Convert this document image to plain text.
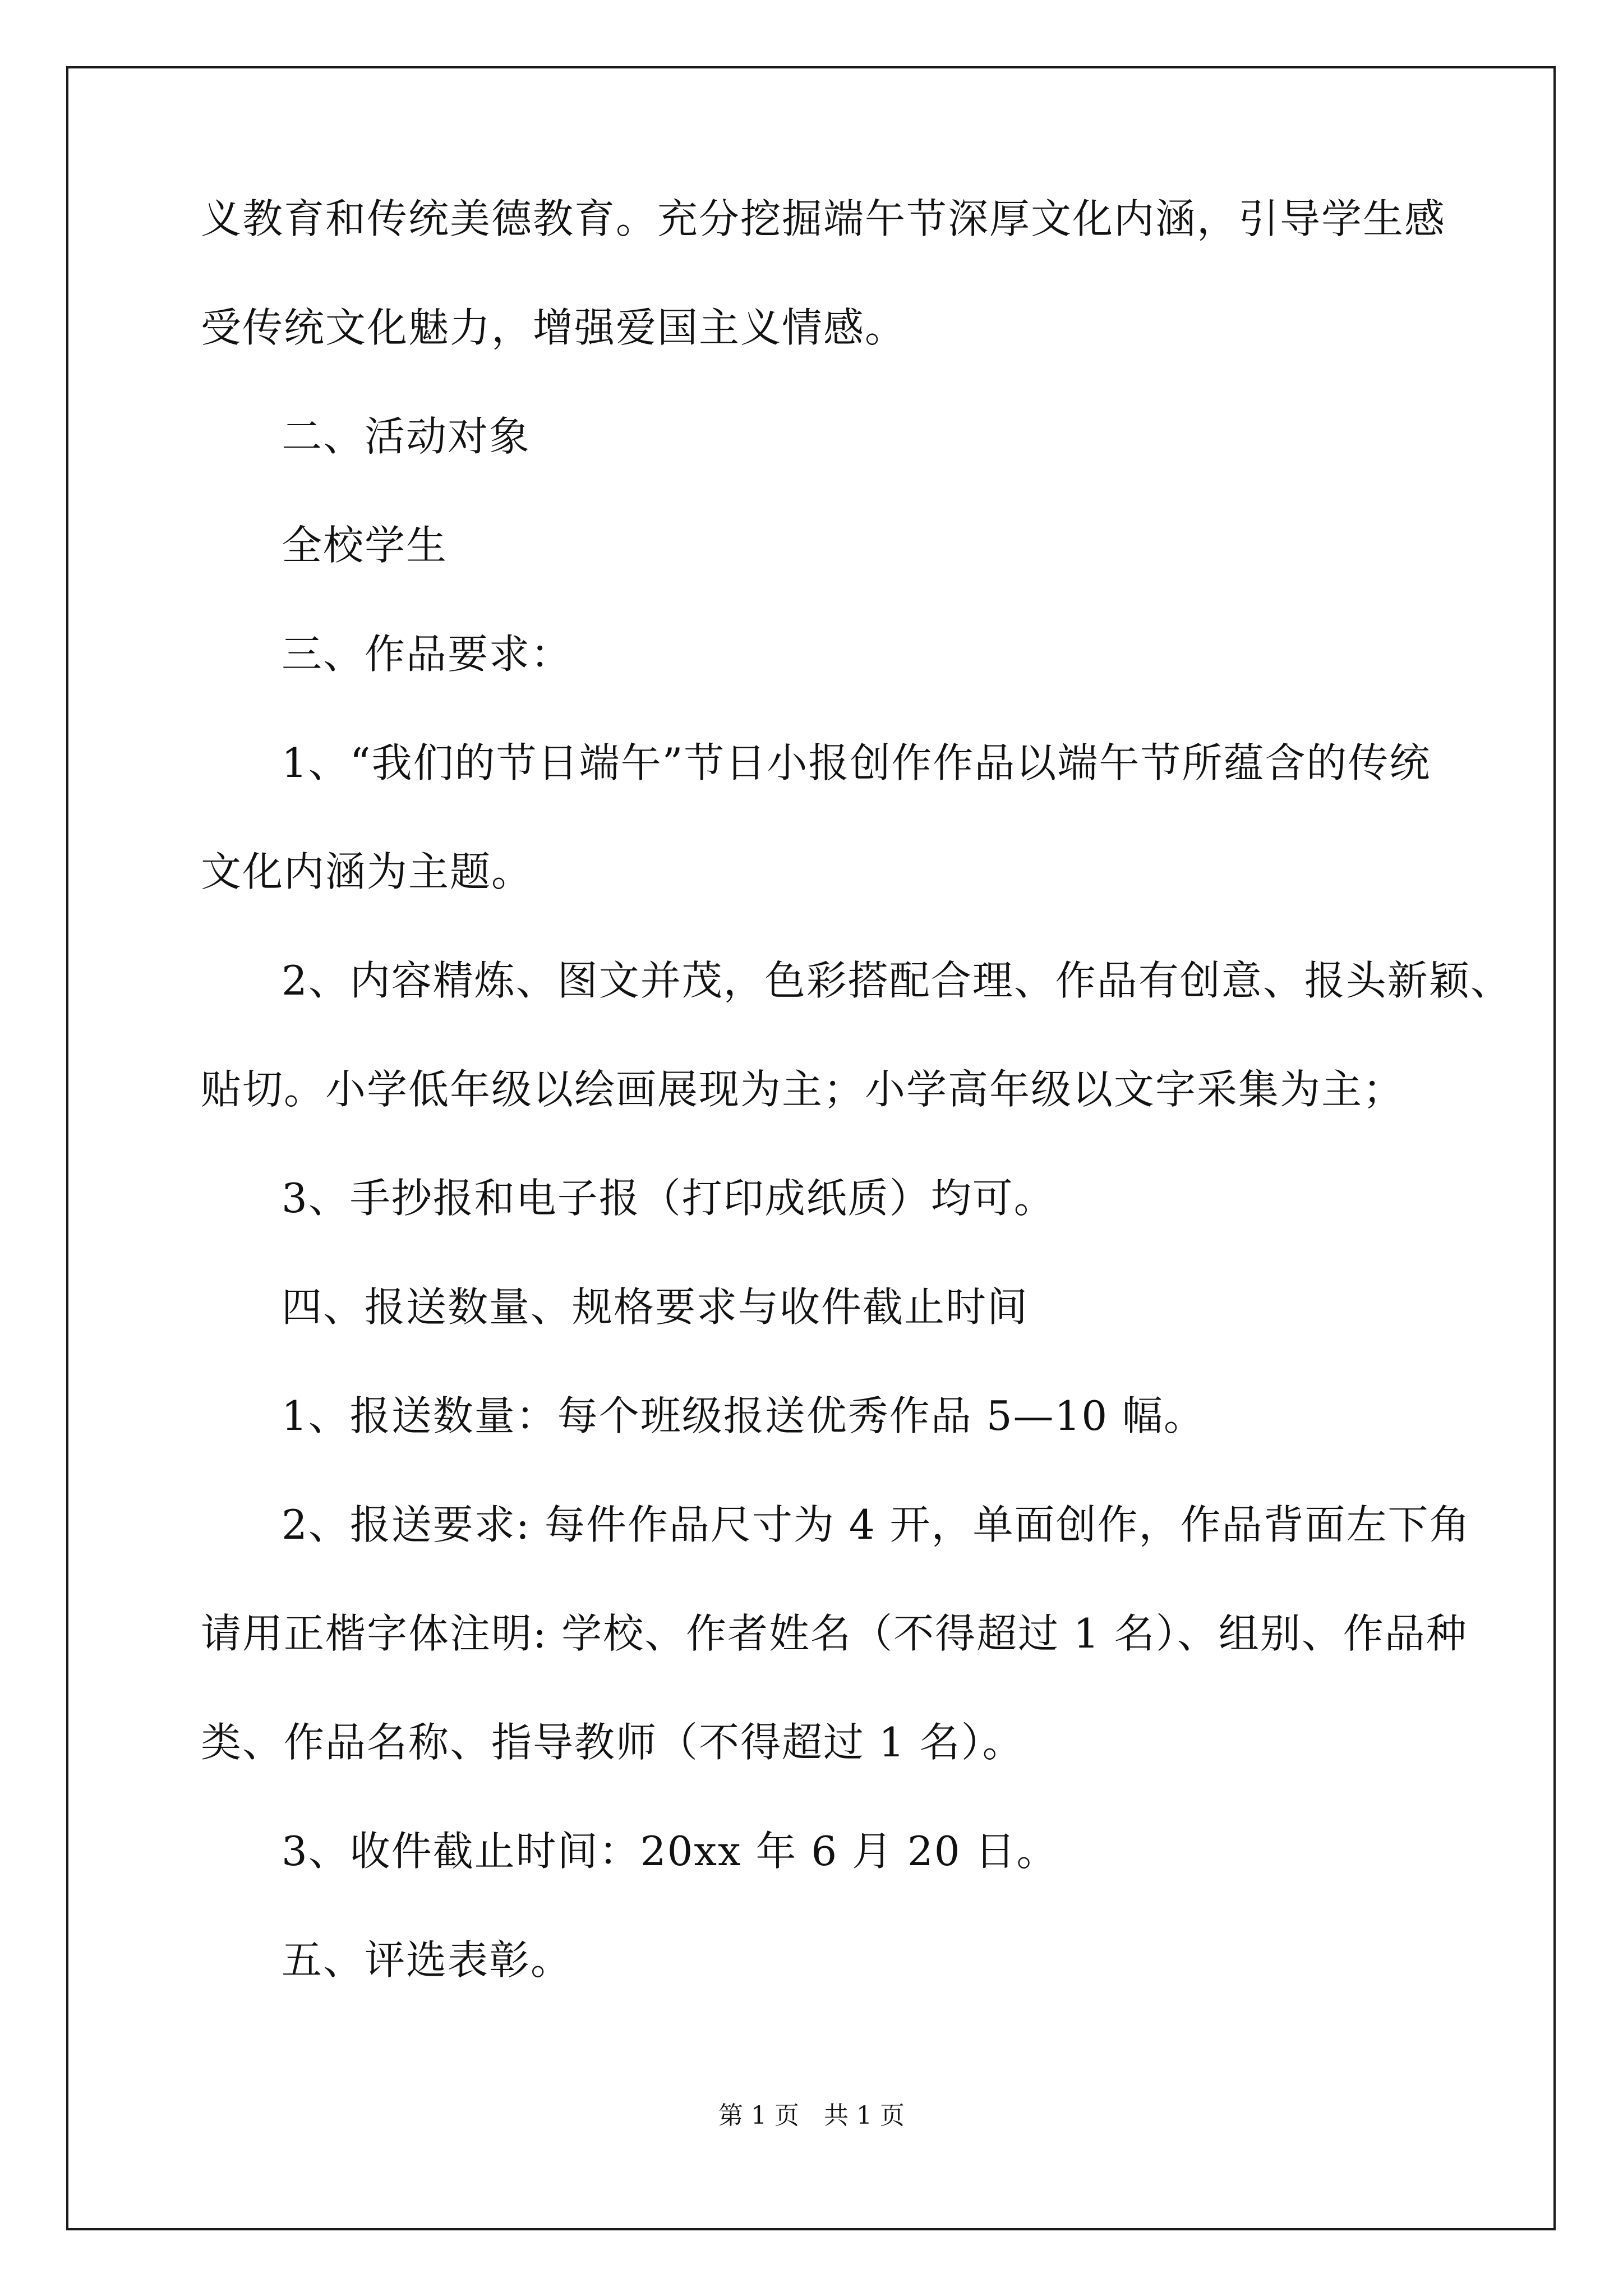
义教育和传统美德教育。充分挖掘端午节深厚文化内涵，引导学生感
受传统文化魅力，增强爱国主义情感。
二、活动对象
全校学生
三、作品要求：
1、“我们的节日端午”节日小报创作作品以端午节所蕴含的传统
文化内涵为主题。
2、内容精炼、图文并茂，色彩搭配合理、作品有创意、报头新颖、
贴切。小学低年级以绘画展现为主；小学高年级以文字采集为主；
3、手抄报和电子报（打印成纸质）均可。
四、报送数量、规格要求与收件截止时间
1、报送数量：每个班级报送优秀作品 5—10 幅。
2、报送要求: 每件作品尺寸为 4 开，单面创作，作品背面左下角
请用正楷字体注明: 学校、作者姓名（不得超过 1 名）、组别、作品种
类、作品名称、指导教师（不得超过 1 名）。
3、收件截止时间：20xx 年 6 月 20 日。
五、评选表彰。
第 1 页　共 1 页
